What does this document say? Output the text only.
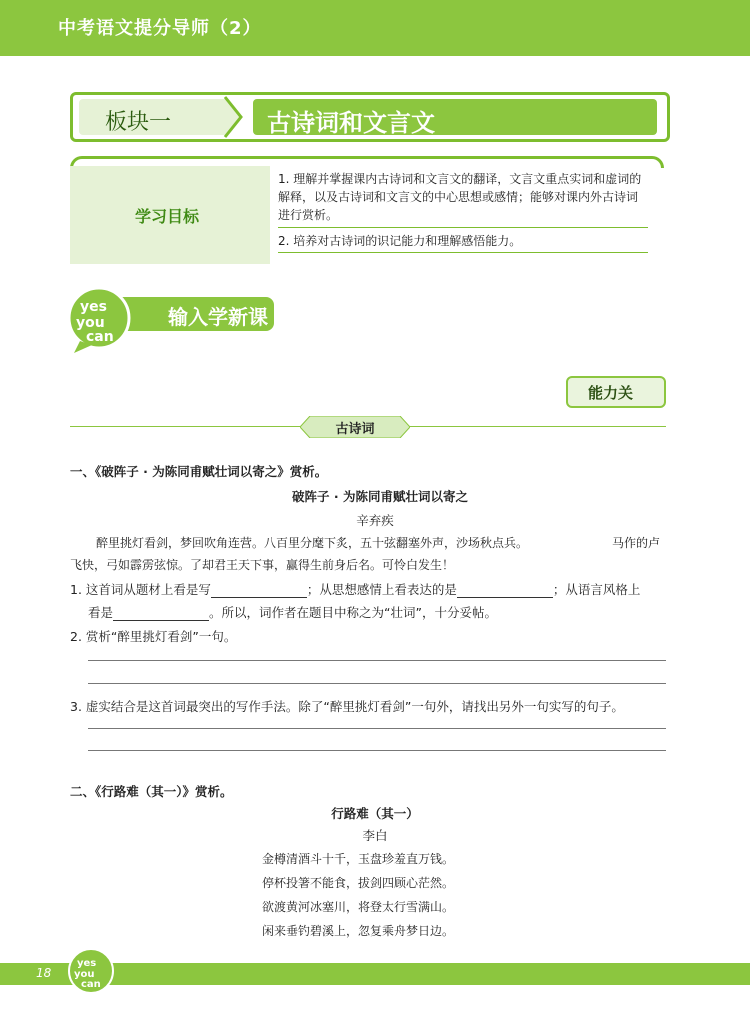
中考语文提分导师（2）
板块一	古诗词和文言文
学习目标
1. 理解并掌握课内古诗词和文言文的翻译，文言文重点实词和虚词的解释，以及古诗词和文言文的中心思想或感情；能够对课内外古诗词进行赏析。
2. 培养对古诗词的识记能力和理解感悟能力。
输入学新课
yes
you
can
能力关
古诗词
一、《破阵子 · 为陈同甫赋壮词以寄之》赏析。
破阵子 · 为陈同甫赋壮词以寄之
辛弃疾
醉里挑灯看剑，梦回吹角连营。八百里分麾下炙，五十弦翻塞外声，沙场秋点兵。	马作的卢
飞快，弓如霹雳弦惊。了却君王天下事，赢得生前身后名。可怜白发生！
1. 这首词从题材上看是写	；从思想感情上看表达的是	；从语言风格上
看是	。所以，词作者在题目中称之为“壮词”，十分妥帖。
2. 赏析“醉里挑灯看剑”一句。
3. 虚实结合是这首词最突出的写作手法。除了“醉里挑灯看剑”一句外，请找出另外一句实写的句子。
二、《行路难（其一）》赏析。
行路难（其一）
李白
金樽清酒斗十千，玉盘珍羞直万钱。
停杯投箸不能食，拔剑四顾心茫然。
欲渡黄河冰塞川，将登太行雪满山。
闲来垂钓碧溪上，忽复乘舟梦日边。
18
yes
you
can
